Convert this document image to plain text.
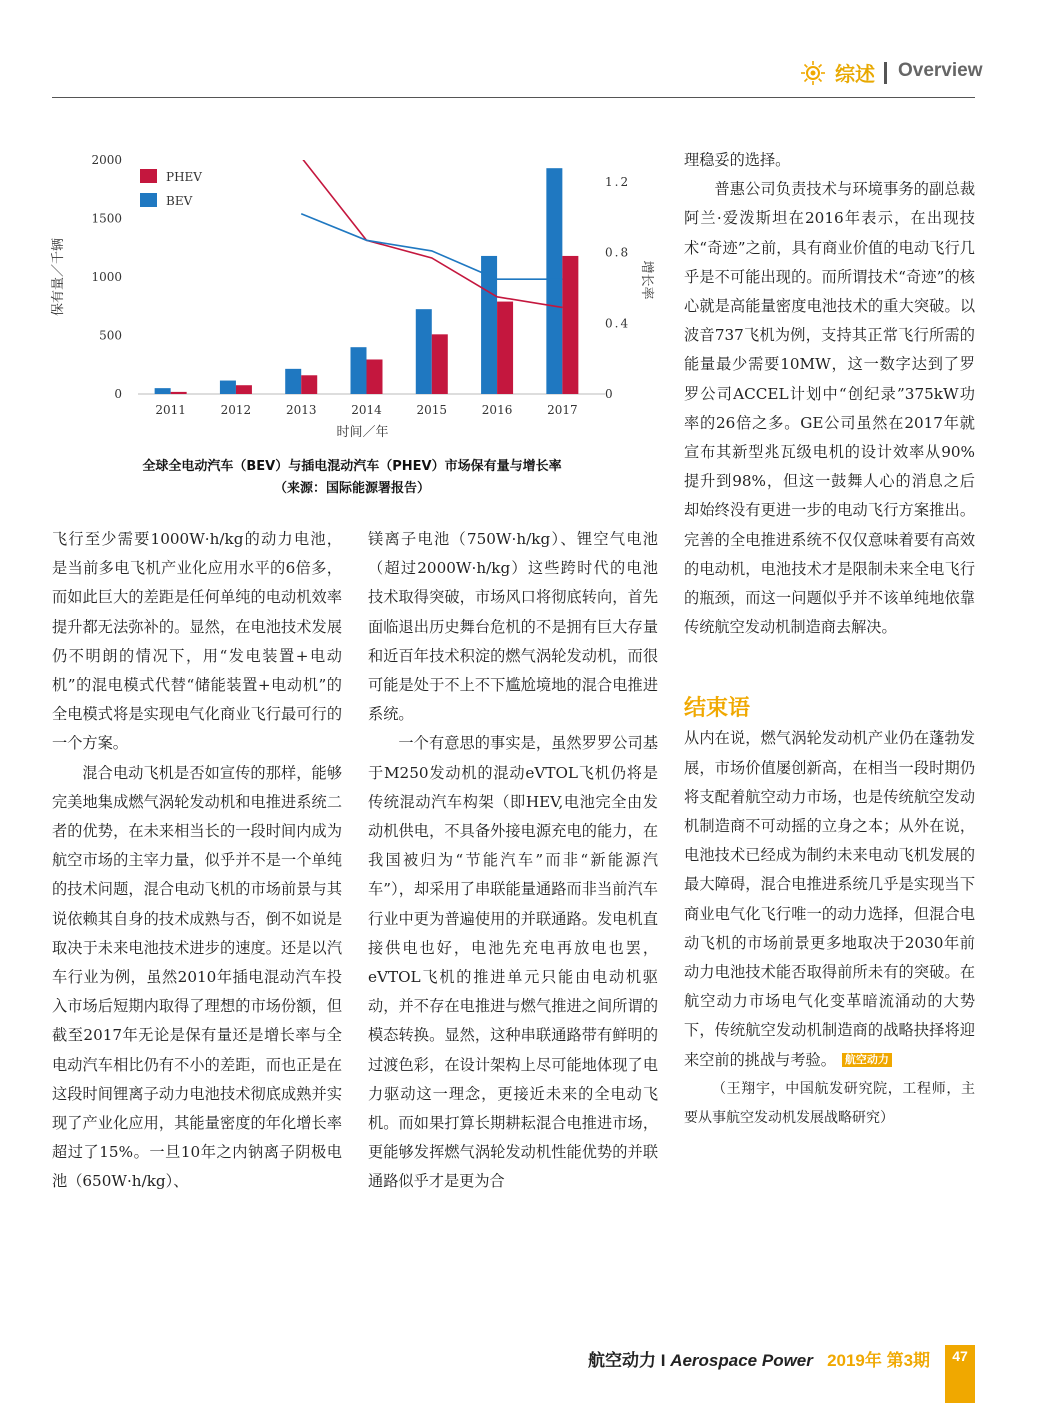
综述 Overview
0
500
1000
1500
2000
0
0.4
0.8
1.2
2011	2012	2013	2014	2015	2016	2017
PHEV
BEV
保有量／千辆	增长率
时间／年
全球全电动汽车（BEV）与插电混动汽车（PHEV）市场保有量与增长率
（来源：国际能源署报告）

飞行至少需要1000W·h/kg的动力电池，是当前多电飞机产业化应用水平的6倍多，而如此巨大的差距是任何单纯的电动机效率提升都无法弥补的。显然，在电池技术发展仍不明朗的情况下，用“发电装置+电动机”的混电模式代替“储能装置+电动机”的全电模式将是实现电气化商业飞行最可行的一个方案。

混合电动飞机是否如宣传的那样，能够完美地集成燃气涡轮发动机和电推进系统二者的优势，在未来相当长的一段时间内成为航空市场的主宰力量，似乎并不是一个单纯的技术问题，混合电动飞机的市场前景与其说依赖其自身的技术成熟与否，倒不如说是取决于未来电池技术进步的速度。还是以汽车行业为例，虽然2010年插电混动汽车投入市场后短期内取得了理想的市场份额，但截至2017年无论是保有量还是增长率与全电动汽车相比仍有不小的差距，而也正是在这段时间锂离子动力电池技术彻底成熟并实现了产业化应用，其能量密度的年化增长率超过了15%。一旦10年之内钠离子阴极电池（650W·h/kg）、

镁离子电池（750W·h/kg）、锂空气电池（超过2000W·h/kg）这些跨时代的电池技术取得突破，市场风口将彻底转向，首先面临退出历史舞台危机的不是拥有巨大存量和近百年技术积淀的燃气涡轮发动机，而很可能是处于不上不下尴尬境地的混合电推进系统。

一个有意思的事实是，虽然罗罗公司基于M250发动机的混动eVTOL飞机仍将是传统混动汽车构架（即HEV,电池完全由发动机供电，不具备外接电源充电的能力，在我国被归为“节能汽车”而非“新能源汽车”），却采用了串联能量通路而非当前汽车行业中更为普遍使用的并联通路。发电机直接供电也好，电池先充电再放电也罢，eVTOL飞机的推进单元只能由电动机驱动，并不存在电推进与燃气推进之间所谓的模态转换。显然，这种串联通路带有鲜明的过渡色彩，在设计架构上尽可能地体现了电力驱动这一理念，更接近未来的全电动飞机。而如果打算长期耕耘混合电推进市场，更能够发挥燃气涡轮发动机性能优势的并联通路似乎才是更为合

理稳妥的选择。

普惠公司负责技术与环境事务的副总裁阿兰·爱泼斯坦在2016年表示，在出现技术“奇迹”之前，具有商业价值的电动飞行几乎是不可能出现的。而所谓技术“奇迹”的核心就是高能量密度电池技术的重大突破。以波音737飞机为例，支持其正常飞行所需的能量最少需要10MW，这一数字达到了罗罗公司ACCEL计划中“创纪录”375kW功率的26倍之多。GE公司虽然在2017年就宣布其新型兆瓦级电机的设计效率从90%提升到98%，但这一鼓舞人心的消息之后却始终没有更进一步的电动飞行方案推出。完善的全电推进系统不仅仅意味着要有高效的电动机，电池技术才是限制未来全电飞行的瓶颈，而这一问题似乎并不该单纯地依靠传统航空发动机制造商去解决。

结束语

从内在说，燃气涡轮发动机产业仍在蓬勃发展，市场价值屡创新高，在相当一段时期仍将支配着航空动力市场，也是传统航空发动机制造商不可动摇的立身之本；从外在说，电池技术已经成为制约未来电动飞机发展的最大障碍，混合电推进系统几乎是实现当下商业电气化飞行唯一的动力选择，但混合电动飞机的市场前景更多地取决于2030年前动力电池技术能否取得前所未有的突破。在航空动力市场电气化变革暗流涌动的大势下，传统航空发动机制造商的战略抉择将迎来空前的挑战与考验。 航空动力

（王翔宇，中国航发研究院，工程师，主要从事航空发动机发展战略研究）

航空动力 I Aerospace Power 2019年 第3期	47
